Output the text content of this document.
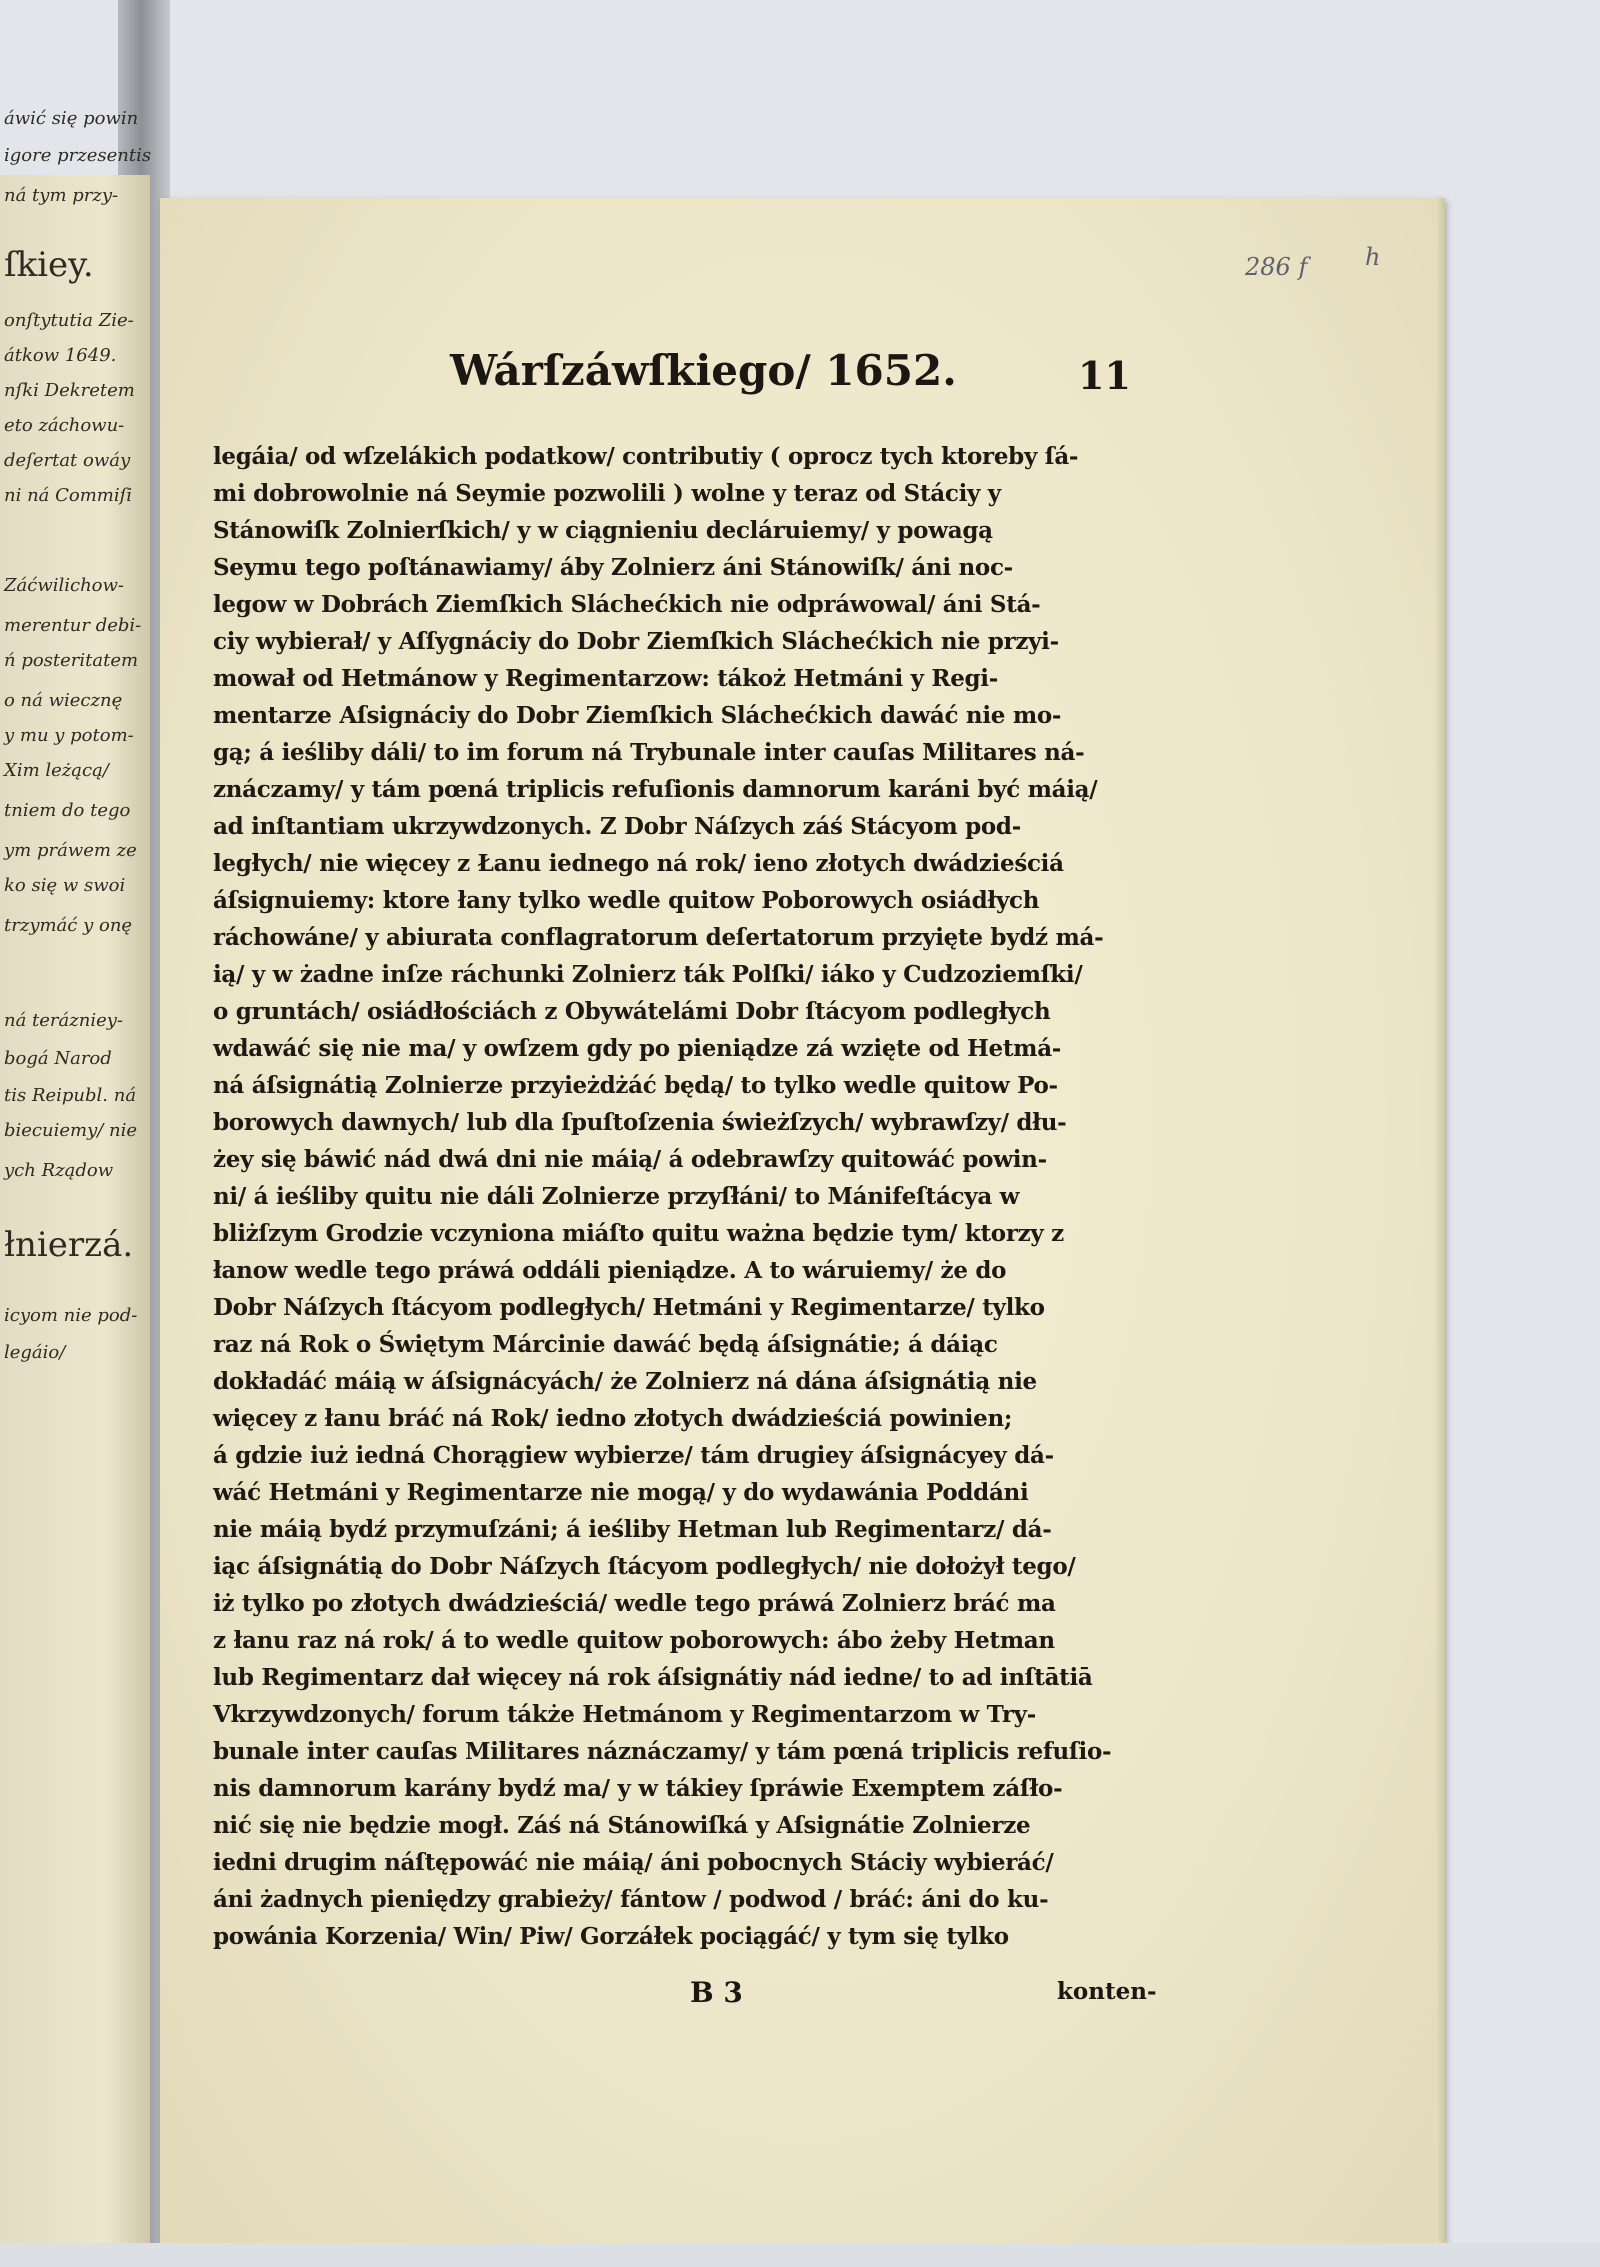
áwić się powin
igore przesentis
ná tym przy-
ſkiey.
onſtytutia Zie-
átkow 1649.
nſki Dekretem
eto záchowu-
deſertat owáy
ni ná Commiſi
Záćwilichow-
merentur debi-
ń posteritatem
o ná wiecznę
y mu y potom-
Xim leżącą/
tniem do tego
ym práwem ze
ko się w swoi
trzymáć y onę
ná terázniey-
bogá Narod
tis Reipubl. ná
biecuiemy/ nie
ych Rządow
łnierzá.
icyom nie pod-
legáio/
286 f h
Wárſzáwſkiego/ 1652.	11
legáia/ od wſzelákich podatkow/ contributiy ( oprocz tych ktoreby ſá-
mi dobrowolnie ná Seymie pozwolili ) wolne y teraz od Stáciy y
Stánowiſk Zolnierſkich/ y w ciągnieniu decláruiemy/ y powagą
Seymu tego poſtánawiamy/ áby Zolnierz áni Stánowiſk/ áni noc-
legow w Dobrách Ziemſkich Sláchećkich nie odpráwowal/ áni Stá-
ciy wybierał/ y Aſſygnáciy do Dobr Ziemſkich Sláchećkich nie przyi-
mował od Hetmánow y Regimentarzow: tákoż Hetmáni y Regi-
mentarze Aſsignáciy do Dobr Ziemſkich Sláchećkich dawáć nie mo-
gą; á ieśliby dáli/ to im forum ná Trybunale inter cauſas Militares ná-
znáczamy/ y tám pœná triplicis refuſionis damnorum karáni być máią/
ad inſtantiam ukrzywdzonych. Z Dobr Náſzych záś Stácyom pod-
ległych/ nie więcey z Łanu iednego ná rok/ ieno złotych dwádzieściá
áſsignuiemy: ktore łany tylko wedle quitow Poborowych osiádłych
ráchowáne/ y abiurata conflagratorum deſertatorum przyięte bydź má-
ią/ y w żadne inſze ráchunki Zolnierz ták Polſki/ iáko y Cudzoziemſki/
o gruntách/ osiádłościách z Obywátelámi Dobr ſtácyom podległych
wdawáć się nie ma/ y owſzem gdy po pieniądze zá wzięte od Hetmá-
ná áſsignátią Zolnierze przyieżdżáć będą/ to tylko wedle quitow Po-
borowych dawnych/ lub dla ſpuſtoſzenia świeżſzych/ wybrawſzy/ dłu-
żey się báwić nád dwá dni nie máią/ á odebrawſzy quitowáć powin-
ni/ á ieśliby quitu nie dáli Zolnierze przyſłáni/ to Mánifeſtácya w
bliżſzym Grodzie vczyniona miáſto quitu ważna będzie tym/ ktorzy z
łanow wedle tego práwá oddáli pieniądze. A to wáruiemy/ że do
Dobr Náſzych ſtácyom podległych/ Hetmáni y Regimentarze/ tylko
raz ná Rok o Świętym Márcinie dawáć będą áſsignátie; á dáiąc
dokładáć máią w áſsignácyách/ że Zolnierz ná dána áſsignátią nie
więcey z łanu bráć ná Rok/ iedno złotych dwádzieściá powinien;
á gdzie iuż iedná Chorągiew wybierze/ tám drugiey áſsignácyey dá-
wáć Hetmáni y Regimentarze nie mogą/ y do wydawánia Poddáni
nie máią bydź przymuſzáni; á ieśliby Hetman lub Regimentarz/ dá-
iąc áſsignátią do Dobr Náſzych ſtácyom podległych/ nie dołożył tego/
iż tylko po złotych dwádzieściá/ wedle tego práwá Zolnierz bráć ma
z łanu raz ná rok/ á to wedle quitow poborowych: ábo żeby Hetman
lub Regimentarz dał więcey ná rok áſsignátiy nád iedne/ to ad inſtātiā
Vkrzywdzonych/ forum tákże Hetmánom y Regimentarzom w Try-
bunale inter cauſas Militares náznáczamy/ y tám pœná triplicis refuſio-
nis damnorum karány bydź ma/ y w tákiey ſpráwie Exemptem záſło-
nić się nie będzie mogł. Záś ná Stánowiſká y Aſsignátie Zolnierze
iedni drugim náſtępowáć nie máią/ áni pobocnych Stáciy wybieráć/
áni żadnych pieniędzy grabieży/ fántow / podwod / bráć: áni do ku-
powánia Korzenia/ Win/ Piw/ Gorzáłek pociągáć/ y tym się tylko
B 3	konten-
